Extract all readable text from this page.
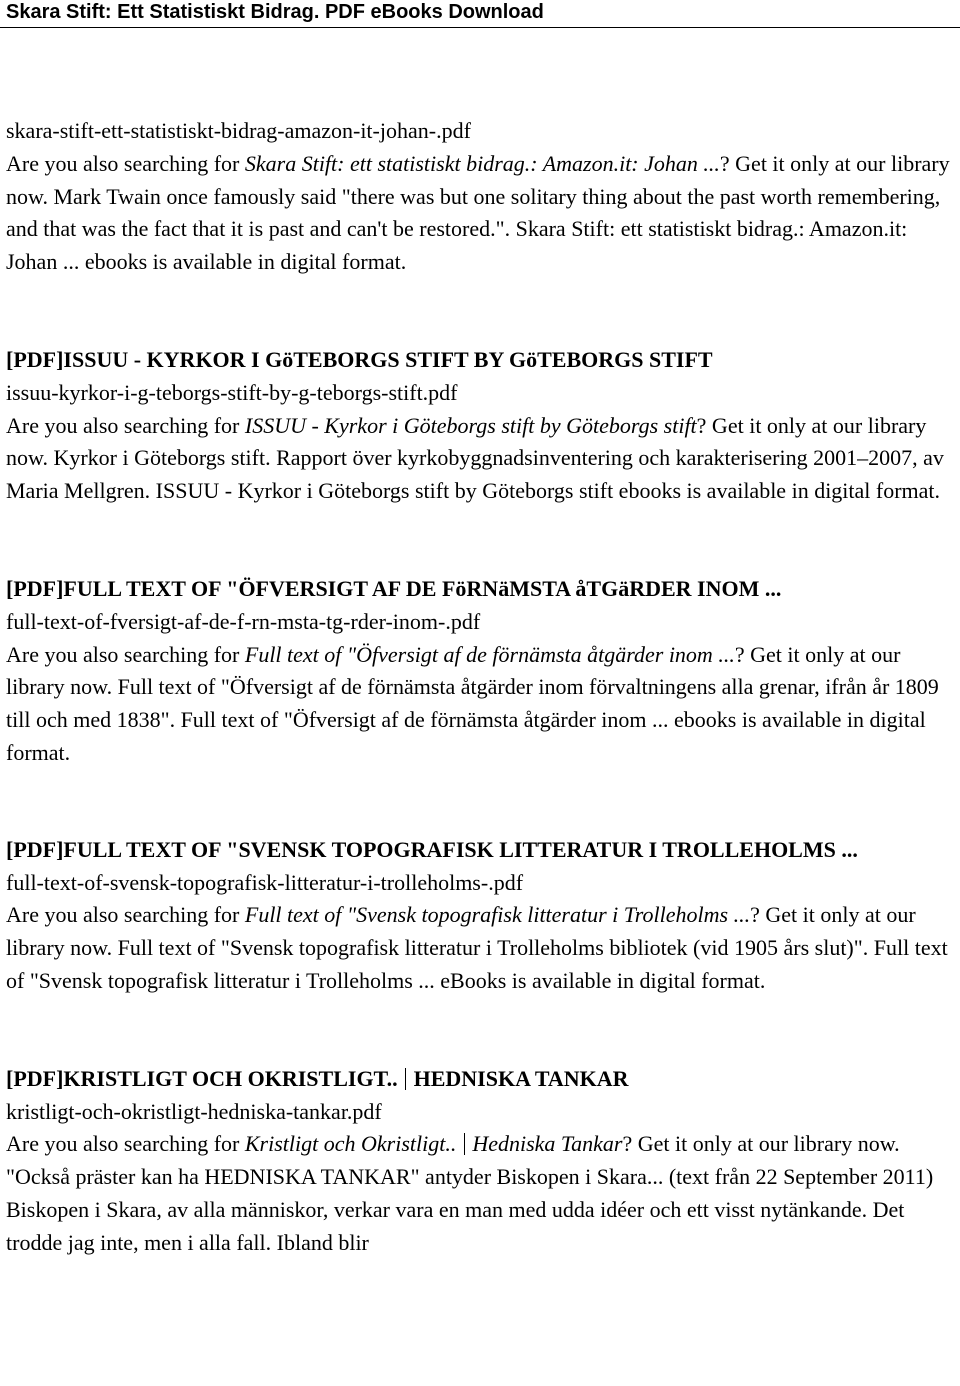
Skara Stift: Ett Statistiskt Bidrag. PDF eBooks Download

skara-stift-ett-statistiskt-bidrag-amazon-it-johan-.pdf

Are you also searching for Skara Stift: ett statistiskt bidrag.: Amazon.it: Johan ...? Get it only at our library now. Mark Twain once famously said "there was but one solitary thing about the past worth remembering, and that was the fact that it is past and can't be restored.". Skara Stift: ett statistiskt bidrag.: Amazon.it: Johan ... ebooks is available in digital format.

[PDF]ISSUU - KYRKOR I GöTEBORGS STIFT BY GöTEBORGS STIFT

issuu-kyrkor-i-g-teborgs-stift-by-g-teborgs-stift.pdf

Are you also searching for ISSUU - Kyrkor i Göteborgs stift by Göteborgs stift? Get it only at our library now. Kyrkor i Göteborgs stift. Rapport över kyrkobyggnadsinventering och karakterisering 2001–2007, av Maria Mellgren. ISSUU - Kyrkor i Göteborgs stift by Göteborgs stift ebooks is available in digital format.

[PDF]FULL TEXT OF "ÖFVERSIGT AF DE FöRNäMSTA åTGäRDER INOM ...

full-text-of-fversigt-af-de-f-rn-msta-tg-rder-inom-.pdf

Are you also searching for Full text of "Öfversigt af de förnämsta åtgärder inom ...? Get it only at our library now. Full text of "Öfversigt af de förnämsta åtgärder inom förvaltningens alla grenar, ifrån år 1809 till och med 1838". Full text of "Öfversigt af de förnämsta åtgärder inom ... ebooks is available in digital format.

[PDF]FULL TEXT OF "SVENSK TOPOGRAFISK LITTERATUR I TROLLEHOLMS ...

full-text-of-svensk-topografisk-litteratur-i-trolleholms-.pdf

Are you also searching for Full text of "Svensk topografisk litteratur i Trolleholms ...? Get it only at our library now. Full text of "Svensk topografisk litteratur i Trolleholms bibliotek (vid 1905 års slut)". Full text of "Svensk topografisk litteratur i Trolleholms ... eBooks is available in digital format.

[PDF]KRISTLIGT OCH OKRISTLIGT.. HEDNISKA TANKAR

kristligt-och-okristligt-hedniska-tankar.pdf

Are you also searching for Kristligt och Okristligt.. Hedniska Tankar? Get it only at our library now. "Också präster kan ha HEDNISKA TANKAR" antyder Biskopen i Skara... (text från 22 September 2011) Biskopen i Skara, av alla människor, verkar vara en man med udda idéer och ett visst nytänkande. Det trodde jag inte, men i alla fall. Ibland blir
